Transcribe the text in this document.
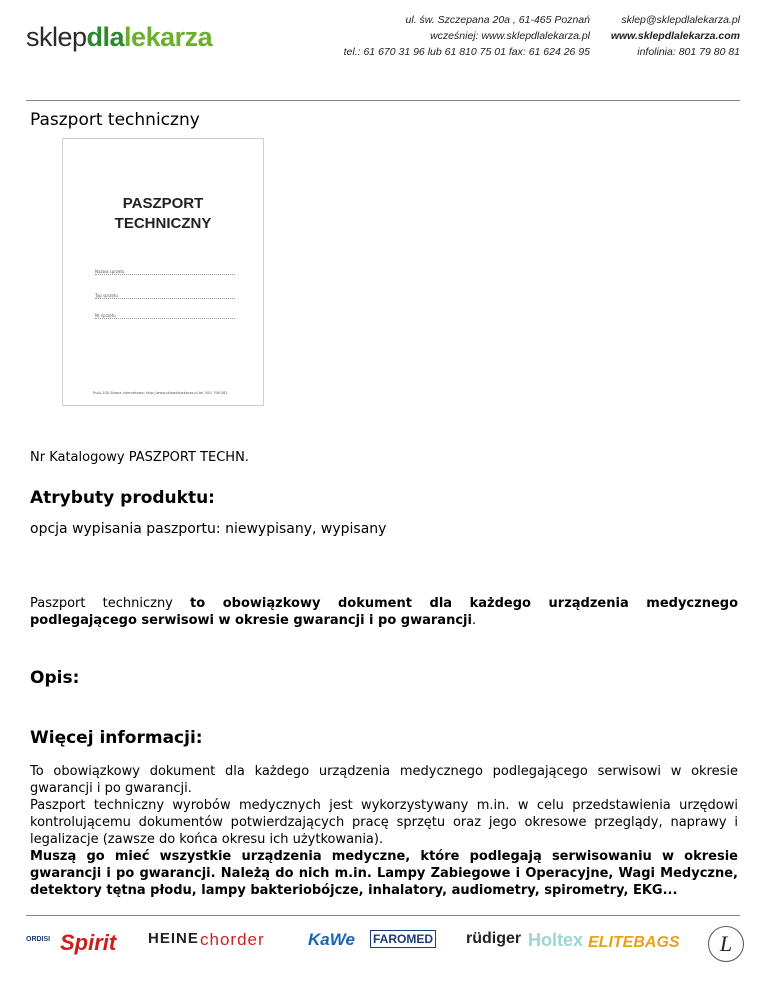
sklepdlalekarza
ul. św. Szczepana 20a , 61-465 Poznań
wcześniej: www.sklepdlalekarza.pl
tel.: 61 670 31 96 lub 61 810 75 01 fax: 61 624 26 95
sklep@sklepdlalekarza.pl
www.sklepdlalekarza.com
infolinia: 801 79 80 81
Paszport techniczny
PASZPORT
TECHNICZNY
Nazwa sprzętu
Typ sprzętu
Nr sprzętu
PszA-100 Strona internetowa: http://www.sklepdlalekarza.pl tel. 801 798 081
Nr Katalogowy PASZPORT TECHN.
Atrybuty produktu:
opcja wypisania paszportu: niewypisany, wypisany
Paszport techniczny to obowiązkowy dokument dla każdego urządzenia medycznego podlegającego serwisowi w okresie gwarancji i po gwarancji.
Opis:
Więcej informacji:

To obowiązkowy dokument dla każdego urządzenia medycznego podlegającego serwisowi w okresie gwarancji i po gwarancji.

Paszport techniczny wyrobów medycznych jest wykorzystywany m.in. w celu przedstawienia urzędowi kontrolującemu dokumentów potwierdzających pracę sprzętu oraz jego okresowe przeglądy, naprawy i legalizacje (zawsze do końca okresu ich użytkowania).

Muszą go mieć wszystkie urządzenia medyczne, które podlegają serwisowaniu w okresie gwarancji i po gwarancji. Należą do nich m.in. Lampy Zabiegowe i Operacyjne, Wagi Medyczne, detektory tętna płodu, lampy bakteriobójcze, inhalatory, audiometry, spirometry, EKG...

ORDISI Spirit HEINE chorder	KaWe FAROMED rüdiger Holtex ELITEBAGS	L
